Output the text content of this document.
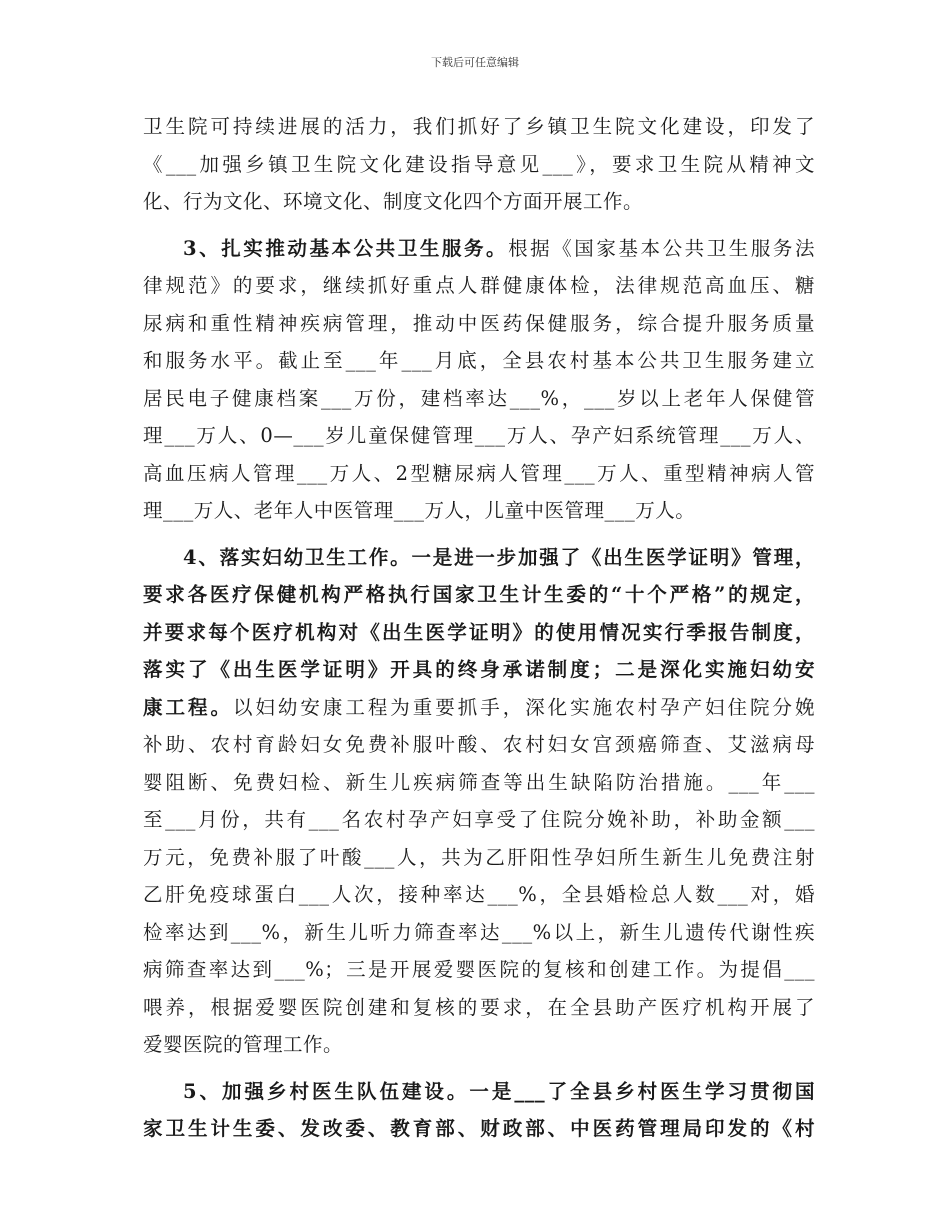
下载后可任意编辑
卫生院可持续进展的活力，我们抓好了乡镇卫生院文化建设，印发了
《___加强乡镇卫生院文化建设指导意见___》，要求卫生院从精神文
化、行为文化、环境文化、制度文化四个方面开展工作。
3、扎实推动基本公共卫生服务。根据《国家基本公共卫生服务法
律规范》的要求，继续抓好重点人群健康体检，法律规范高血压、糖
尿病和重性精神疾病管理，推动中医药保健服务，综合提升服务质量
和服务水平。截止至___年___月底，全县农村基本公共卫生服务建立
居民电子健康档案___万份，建档率达___%，___岁以上老年人保健管
理___万人、0—___岁儿童保健管理___万人、孕产妇系统管理___万人、
高血压病人管理___万人、2型糖尿病人管理___万人、重型精神病人管
理___万人、老年人中医管理___万人，儿童中医管理___万人。
4、落实妇幼卫生工作。一是进一步加强了《出生医学证明》管理，
要求各医疗保健机构严格执行国家卫生计生委的“十个严格”的规定，
并要求每个医疗机构对《出生医学证明》的使用情况实行季报告制度，
落实了《出生医学证明》开具的终身承诺制度；二是深化实施妇幼安
康工程。以妇幼安康工程为重要抓手，深化实施农村孕产妇住院分娩
补助、农村育龄妇女免费补服叶酸、农村妇女宫颈癌筛查、艾滋病母
婴阻断、免费妇检、新生儿疾病筛查等出生缺陷防治措施。___年___
至___月份，共有___名农村孕产妇享受了住院分娩补助，补助金额___
万元，免费补服了叶酸___人，共为乙肝阳性孕妇所生新生儿免费注射
乙肝免疫球蛋白___人次，接种率达___%，全县婚检总人数___对，婚
检率达到___%，新生儿听力筛查率达___%以上，新生儿遗传代谢性疾
病筛查率达到___%；三是开展爱婴医院的复核和创建工作。为提倡___
喂养，根据爱婴医院创建和复核的要求，在全县助产医疗机构开展了
爱婴医院的管理工作。
5、加强乡村医生队伍建设。一是___了全县乡村医生学习贯彻国
家卫生计生委、发改委、教育部、财政部、中医药管理局印发的《村
